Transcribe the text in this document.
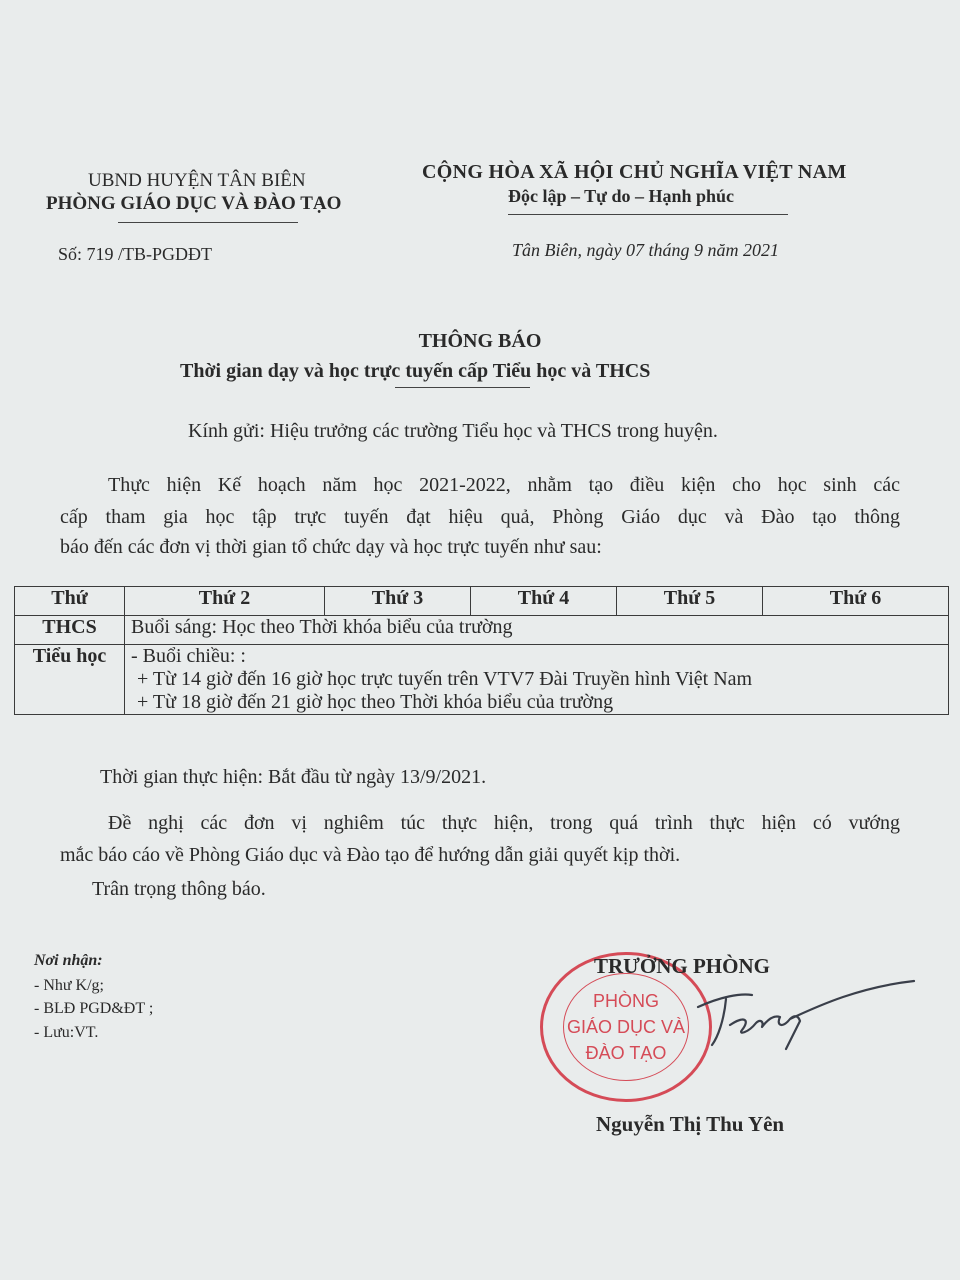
UBND HUYỆN TÂN BIÊN
PHÒNG GIÁO DỤC VÀ ĐÀO TẠO
Số: 719 /TB-PGDĐT
CỘNG HÒA XÃ HỘI CHỦ NGHĨA VIỆT NAM
Độc lập – Tự do – Hạnh phúc
Tân Biên, ngày 07 tháng 9 năm 2021
THÔNG BÁO
Thời gian dạy và học trực tuyến cấp Tiểu học và THCS
Kính gửi: Hiệu trưởng các trường Tiểu học và THCS trong huyện.
Thực hiện Kế hoạch năm học 2021-2022, nhằm tạo điều kiện cho học sinh các
cấp tham gia học tập trực tuyến đạt hiệu quả, Phòng Giáo dục và Đào tạo thông
báo đến các đơn vị thời gian tổ chức dạy và học trực tuyến như sau:
Thứ	Thứ 2	Thứ 3	Thứ 4	Thứ 5	Thứ 6
THCS	Buổi sáng: Học theo Thời khóa biểu của trường				
Tiểu học	- Buổi chiều: :
+ Từ 14 giờ đến 16 giờ học trực tuyến trên VTV7 Đài Truyền hình Việt Nam
+ Từ 18 giờ đến 21 giờ học theo Thời khóa biểu của trường				
Thời gian thực hiện: Bắt đầu từ ngày 13/9/2021.
Đề nghị các đơn vị nghiêm túc thực hiện, trong quá trình thực hiện có vướng
mắc báo cáo về Phòng Giáo dục và Đào tạo để hướng dẫn giải quyết kịp thời.
Trân trọng thông báo.
Nơi nhận:
- Như K/g;
- BLĐ PGD&ĐT ;
- Lưu:VT.
PHÒNG
GIÁO DỤC VÀ
ĐÀO TẠO
TRƯỞNG PHÒNG
Nguyễn Thị Thu Yên
